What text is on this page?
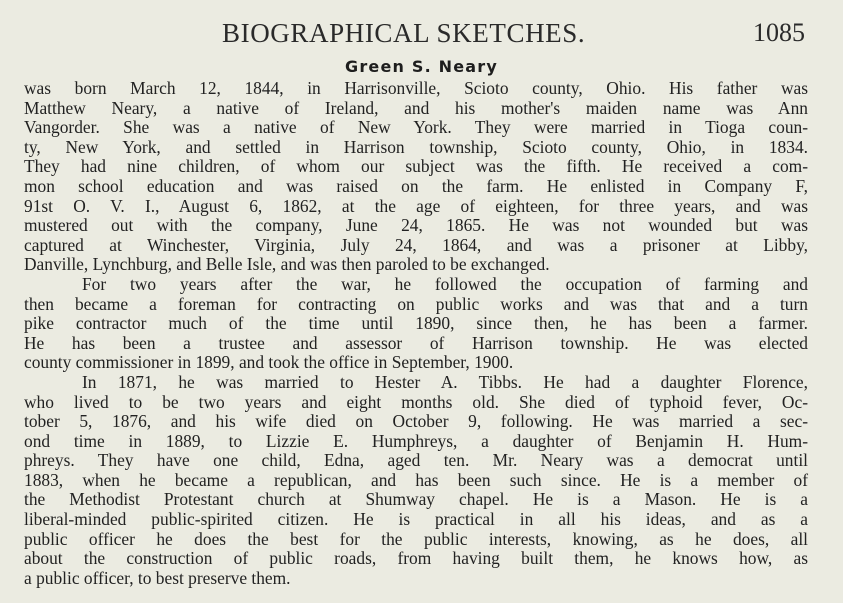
BIOGRAPHICAL SKETCHES.	1085
Green S. Neary
was born March 12, 1844, in Harrisonville, Scioto county, Ohio. His father was
Matthew Neary, a native of Ireland, and his mother's maiden name was Ann
Vangorder. She was a native of New York. They were married in Tioga coun-
ty, New York, and settled in Harrison township, Scioto county, Ohio, in 1834.
They had nine children, of whom our subject was the fifth. He received a com-
mon school education and was raised on the farm. He enlisted in Company F,
91st O. V. I., August 6, 1862, at the age of eighteen, for three years, and was
mustered out with the company, June 24, 1865. He was not wounded but was
captured at Winchester, Virginia, July 24, 1864, and was a prisoner at Libby,
Danville, Lynchburg, and Belle Isle, and was then paroled to be exchanged.
For two years after the war, he followed the occupation of farming and
then became a foreman for contracting on public works and was that and a turn
pike contractor much of the time until 1890, since then, he has been a farmer.
He has been a trustee and assessor of Harrison township. He was elected
county commissioner in 1899, and took the office in September, 1900.
In 1871, he was married to Hester A. Tibbs. He had a daughter Florence,
who lived to be two years and eight months old. She died of typhoid fever, Oc-
tober 5, 1876, and his wife died on October 9, following. He was married a sec-
ond time in 1889, to Lizzie E. Humphreys, a daughter of Benjamin H. Hum-
phreys. They have one child, Edna, aged ten. Mr. Neary was a democrat until
1883, when he became a republican, and has been such since. He is a member of
the Methodist Protestant church at Shumway chapel. He is a Mason. He is a
liberal-minded public-spirited citizen. He is practical in all his ideas, and as a
public officer he does the best for the public interests, knowing, as he does, all
about the construction of public roads, from having built them, he knows how, as
a public officer, to best preserve them.
